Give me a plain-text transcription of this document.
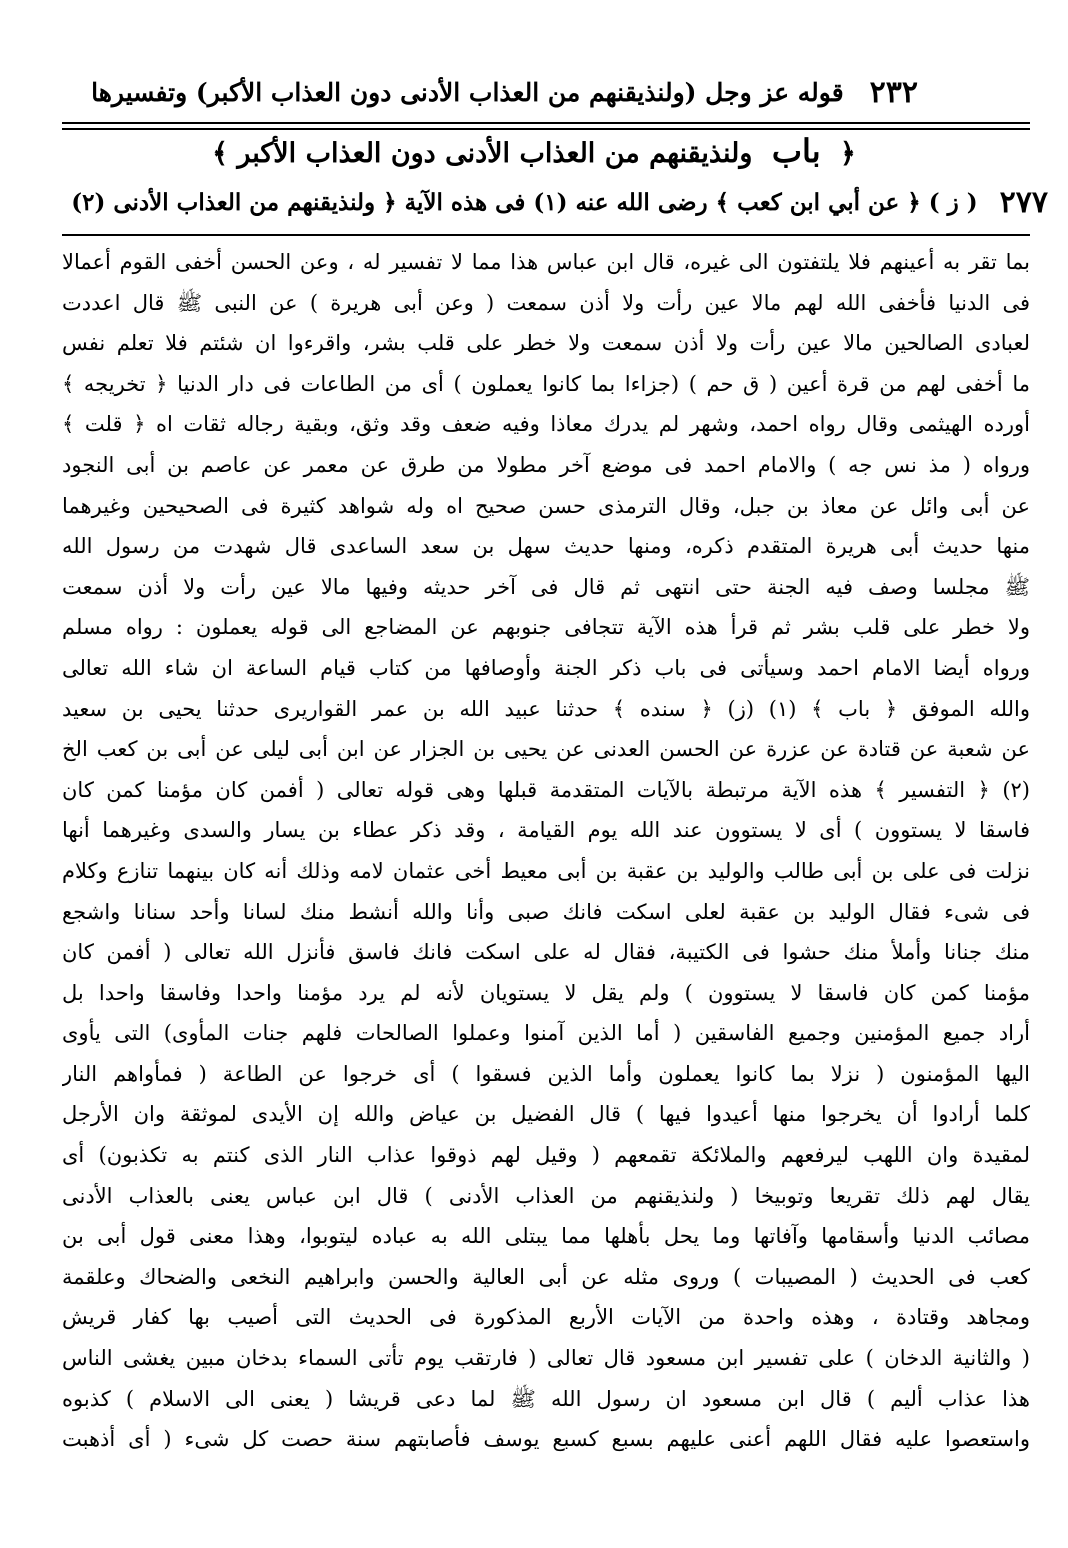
٢٣٢
قوله عز وجل (ولنذيقنهم من العذاب الأدنى دون العذاب الأكبر) وتفسيرها
﴿ باب ولنذيقنهم من العذاب الأدنى دون العذاب الأكبر ﴾
٢٧٧
( ز ) ﴿ عن أبي ابن كعب ﴾ رضى الله عنه (١) فى هذه الآية ﴿ ولنذيقنهم من العذاب الأدنى (٢)
بما تقر به أعينهم فلا يلتفتون الى غيره، قال ابن عباس هذا مما لا تفسير له ، وعن الحسن أخفى القوم أعمالا
فى الدنيا فأخفى الله لهم مالا عين رأت ولا أذن سمعت ( وعن أبى هريرة ) عن النبى ﷺ قال اعددت
لعبادى الصالحين مالا عين رأت ولا أذن سمعت ولا خطر على قلب بشر، واقرءوا ان شئتم فلا تعلم نفس
ما أخفى لهم من قرة أعين ( ق حم ) (جزاءا بما كانوا يعملون ) أى من الطاعات فى دار الدنيا ﴿ تخريجه ﴾
أورده الهيثمى وقال رواه احمد، وشهر لم يدرك معاذا وفيه ضعف وقد وثق، وبقية رجاله ثقات اه ﴿ قلت ﴾
ورواه ( مذ نس جه ) والامام احمد فى موضع آخر مطولا من طرق عن معمر عن عاصم بن أبى النجود
عن أبى وائل عن معاذ بن جبل، وقال الترمذى حسن صحيح اه وله شواهد كثيرة فى الصحيحين وغيرهما
منها حديث أبى هريرة المتقدم ذكره، ومنها حديث سهل بن سعد الساعدى قال شهدت من رسول الله
ﷺ مجلسا وصف فيه الجنة حتى انتهى ثم قال فى آخر حديثه وفيها مالا عين رأت ولا أذن سمعت
ولا خطر على قلب بشر ثم قرأ هذه الآية تتجافى جنوبهم عن المضاجع الى قوله يعملون : رواه مسلم
ورواه أيضا الامام احمد وسيأتى فى باب ذكر الجنة وأوصافها من كتاب قيام الساعة ان شاء الله تعالى
والله الموفق ﴿ باب ﴾ (١) (ز) ﴿ سنده ﴾ حدثنا عبيد الله بن عمر القواريرى حدثنا يحيى بن سعيد
عن شعبة عن قتادة عن عزرة عن الحسن العدنى عن يحيى بن الجزار عن ابن أبى ليلى عن أبى بن كعب الخ
(٢) ﴿ التفسير ﴾ هذه الآية مرتبطة بالآيات المتقدمة قبلها وهى قوله تعالى ( أفمن كان مؤمنا كمن كان
فاسقا لا يستوون ) أى لا يستوون عند الله يوم القيامة ، وقد ذكر عطاء بن يسار والسدى وغيرهما أنها
نزلت فى على بن أبى طالب والوليد بن عقبة بن أبى معيط أخى عثمان لامه وذلك أنه كان بينهما تنازع وكلام
فى شىء فقال الوليد بن عقبة لعلى اسكت فانك صبى وأنا والله أنشط منك لسانا وأحد سنانا واشجع
منك جنانا وأملأ منك حشوا فى الكتيبة، فقال له على اسكت فانك فاسق فأنزل الله تعالى ( أفمن كان
مؤمنا كمن كان فاسقا لا يستوون ) ولم يقل لا يستويان لأنه لم يرد مؤمنا واحدا وفاسقا واحدا بل
أراد جميع المؤمنين وجميع الفاسقين ( أما الذين آمنوا وعملوا الصالحات فلهم جنات المأوى) التى يأوى
اليها المؤمنون ( نزلا بما كانوا يعملون وأما الذين فسقوا ) أى خرجوا عن الطاعة ( فمأواهم النار
كلما أرادوا أن يخرجوا منها أعيدوا فيها ) قال الفضيل بن عياض والله إن الأيدى لموثقة وان الأرجل
لمقيدة وان اللهب ليرفعهم والملائكة تقمعهم ( وقيل لهم ذوقوا عذاب النار الذى كنتم به تكذبون) أى
يقال لهم ذلك تقريعا وتوبيخا ( ولنذيقنهم من العذاب الأدنى ) قال ابن عباس يعنى بالعذاب الأدنى
مصائب الدنيا وأسقامها وآفاتها وما يحل بأهلها مما يبتلى الله به عباده ليتوبوا، وهذا معنى قول أبى بن
كعب فى الحديث ( المصيبات ) وروى مثله عن أبى العالية والحسن وابراهيم النخعى والضحاك وعلقمة
ومجاهد وقتادة ، وهذه واحدة من الآيات الأربع المذكورة فى الحديث التى أصيب بها كفار قريش
( والثانية الدخان ) على تفسير ابن مسعود قال تعالى ( فارتقب يوم تأتى السماء بدخان مبين يغشى الناس
هذا عذاب أليم ) قال ابن مسعود ان رسول الله ﷺ لما دعى قريشا ( يعنى الى الاسلام ) كذبوه
واستعصوا عليه فقال اللهم أعنى عليهم بسبع كسبع يوسف فأصابتهم سنة حصت كل شىء ( أى أذهبت
